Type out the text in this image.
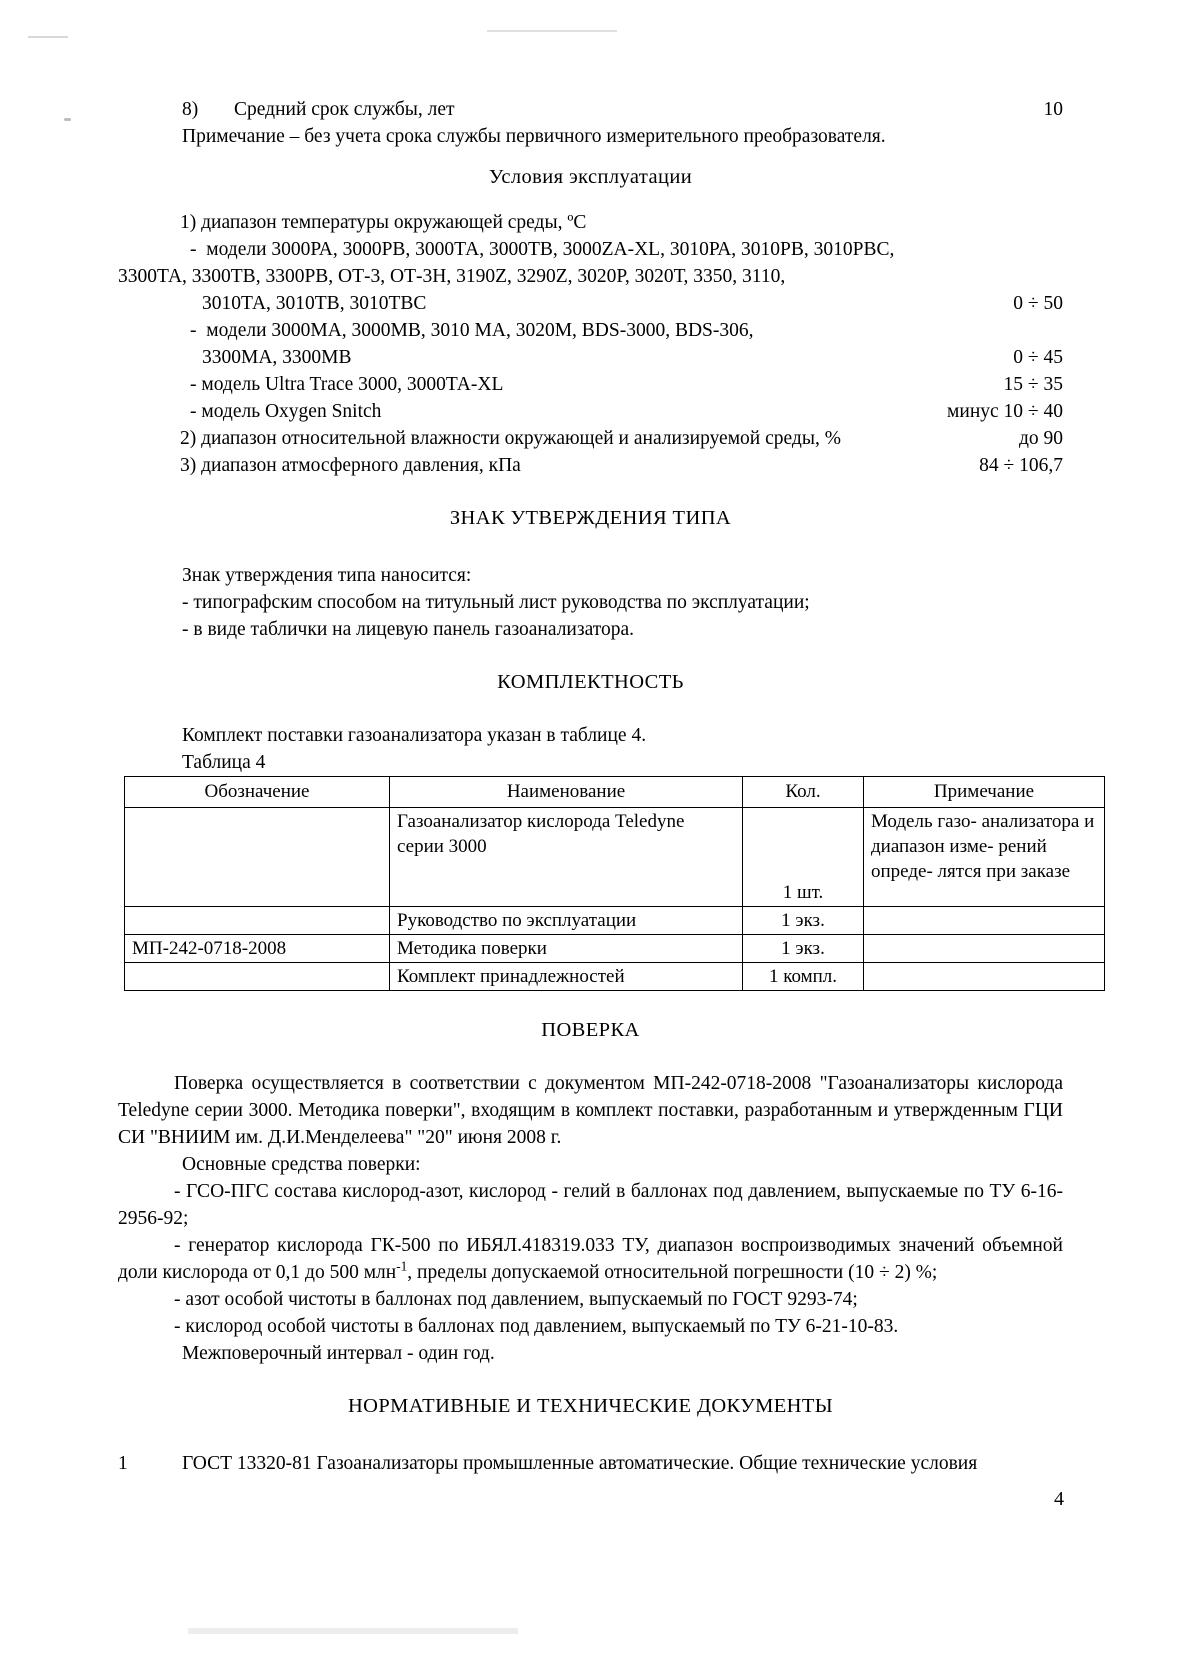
8) Средний срок службы, лет	10
Примечание – без учета срока службы первичного измерительного преобразователя.
Условия эксплуатации
1) диапазон температуры окружающей среды, ºС
-  модели 3000РА, 3000РВ, 3000ТА, 3000ТВ, 3000ZA-XL, 3010РА, 3010РВ, 3010РВС,
3300ТА, 3300ТВ, 3300РВ, ОТ-3, ОТ-3Н, 3190Z, 3290Z, 3020Р, 3020Т, 3350, 3110,
3010ТА, 3010ТВ, 3010ТВС	0 ÷ 50
-  модели 3000МА, 3000МВ, 3010 МА, 3020М, BDS-3000, BDS-306,
3300МА, 3300МВ	0 ÷ 45
- модель Ultra Trace 3000, 3000ТА-XL	15 ÷ 35
- модель Oxygen Snitch	минус 10 ÷ 40
2) диапазон относительной влажности окружающей и анализируемой среды, %	до 90
3) диапазон атмосферного давления, кПа	84 ÷ 106,7
ЗНАК УТВЕРЖДЕНИЯ ТИПА
Знак утверждения типа наносится:
- типографским способом на титульный лист руководства по эксплуатации;
- в виде таблички на лицевую панель газоанализатора.
КОМПЛЕКТНОСТЬ
Комплект поставки газоанализатора указан в таблице 4.
Таблица 4
Обозначение	Наименование	Кол.	Примечание
	Газоанализатор кислорода Teledyne серии 3000	1 шт.	Модель газо- анализатора и диапазон изме- рений опреде- лятся при заказе
	Руководство по эксплуатации	1 экз.	
МП-242-0718-2008	Методика поверки	1 экз.	
	Комплект принадлежностей	1 компл.	
ПОВЕРКА
Поверка осуществляется в соответствии с документом МП-242-0718-2008 "Газоанализаторы кислорода Teledyne серии 3000. Методика поверки", входящим в комплект поставки, разработанным и утвержденным ГЦИ СИ "ВНИИМ им. Д.И.Менделеева" "20" июня 2008 г.
Основные средства поверки:
- ГСО-ПГС состава кислород-азот, кислород - гелий в баллонах под давлением, выпускаемые по ТУ 6-16-2956-92;
- генератор кислорода ГК-500 по ИБЯЛ.418319.033 ТУ, диапазон воспроизводимых значений объемной доли кислорода от 0,1 до 500 млн$^{-1}$, пределы допускаемой относительной погрешности (10 ÷ 2) %;
- азот особой чистоты в баллонах под давлением, выпускаемый по ГОСТ 9293-74;
- кислород особой чистоты в баллонах под давлением, выпускаемый по ТУ 6-21-10-83.
Межповерочный интервал - один год.
НОРМАТИВНЫЕ И ТЕХНИЧЕСКИЕ ДОКУМЕНТЫ
1	ГОСТ 13320-81 Газоанализаторы промышленные автоматические. Общие технические условия
4
